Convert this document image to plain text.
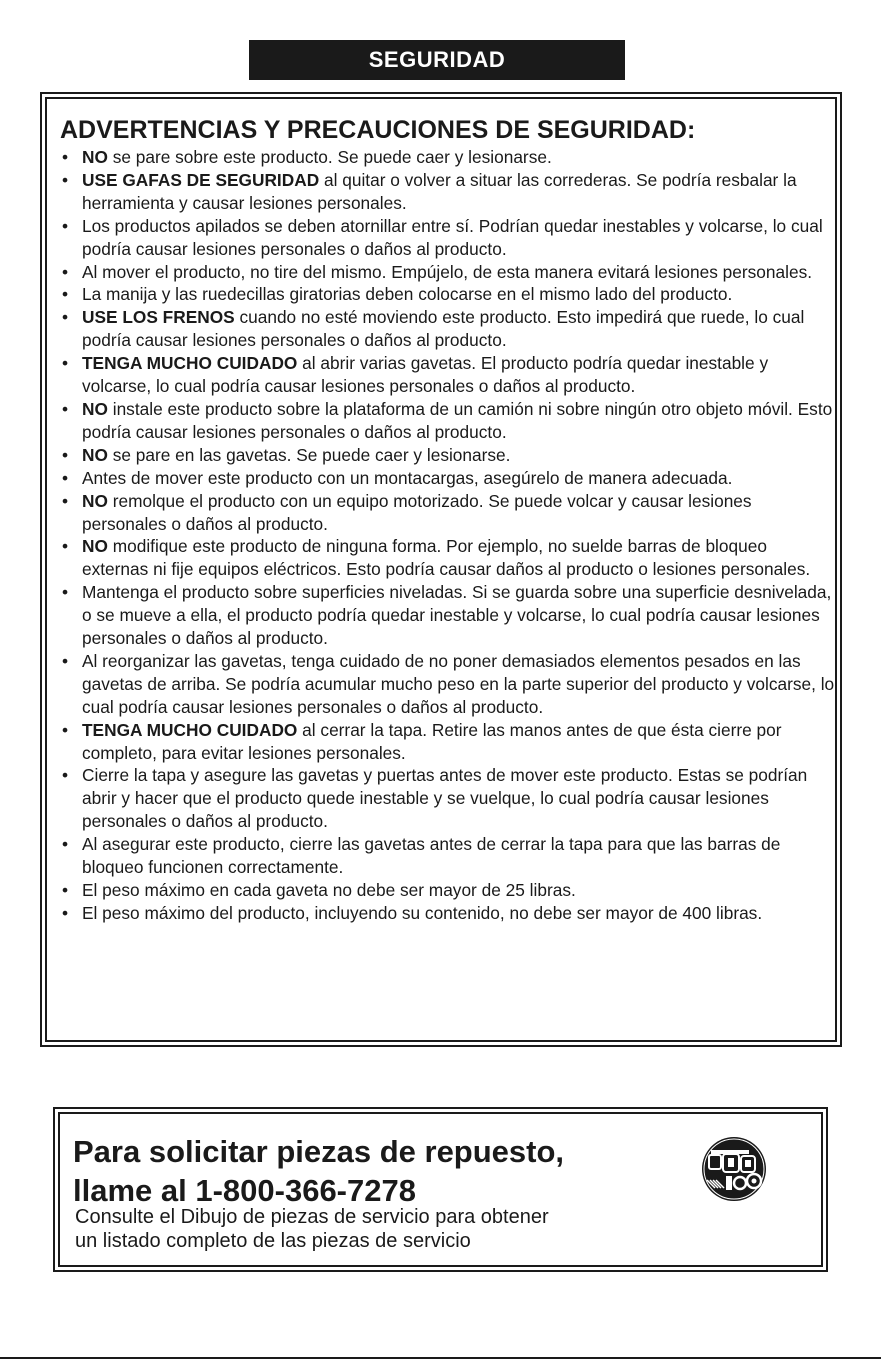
SEGURIDAD
ADVERTENCIAS Y PRECAUCIONES DE SEGURIDAD:
• NO se pare sobre este producto. Se puede caer y lesionarse.
• USE GAFAS DE SEGURIDAD al quitar o volver a situar las correderas. Se podría resbalar la herramienta y causar lesiones personales.
• Los productos apilados se deben atornillar entre sí. Podrían quedar inestables y volcarse, lo cual podría causar lesiones personales o daños al producto.
• Al mover el producto, no tire del mismo. Empújelo, de esta manera evitará lesiones personales.
• La manija y las ruedecillas giratorias deben colocarse en el mismo lado del producto.
• USE LOS FRENOS cuando no esté moviendo este producto. Esto impedirá que ruede, lo cual podría causar lesiones personales o daños al producto.
• TENGA MUCHO CUIDADO al abrir varias gavetas. El producto podría quedar inestable y volcarse, lo cual podría causar lesiones personales o daños al producto.
• NO instale este producto sobre la plataforma de un camión ni sobre ningún otro objeto móvil. Esto podría causar lesiones personales o daños al producto.
• NO se pare en las gavetas. Se puede caer y lesionarse.
• Antes de mover este producto con un montacargas, asegúrelo de manera adecuada.
• NO remolque el producto con un equipo motorizado. Se puede volcar y causar lesiones personales o daños al producto.
• NO modifique este producto de ninguna forma. Por ejemplo, no suelde barras de bloqueo externas ni fije equipos eléctricos. Esto podría causar daños al producto o lesiones personales.
• Mantenga el producto sobre superficies niveladas. Si se guarda sobre una superficie desnivelada, o se mueve a ella, el producto podría quedar inestable y volcarse, lo cual podría causar lesiones personales o daños al producto.
• Al reorganizar las gavetas, tenga cuidado de no poner demasiados elementos pesados en las gavetas de arriba. Se podría acumular mucho peso en la parte superior del producto y volcarse, lo cual podría causar lesiones personales o daños al producto.
• TENGA MUCHO CUIDADO al cerrar la tapa. Retire las manos antes de que ésta cierre por completo, para evitar lesiones personales.
• Cierre la tapa y asegure las gavetas y puertas antes de mover este producto. Estas se podrían abrir y hacer que el producto quede inestable y se vuelque, lo cual podría causar lesiones personales o daños al producto.
• Al asegurar este producto, cierre las gavetas antes de cerrar la tapa para que las barras de bloqueo funcionen correctamente.
• El peso máximo en cada gaveta no debe ser mayor de 25 libras.
• El peso máximo del producto, incluyendo su contenido, no debe ser mayor de 400 libras.
Para solicitar piezas de repuesto,
llame al 1-800-366-7278
Consulte el Dibujo de piezas de servicio para obtener
un listado completo de las piezas de servicio
